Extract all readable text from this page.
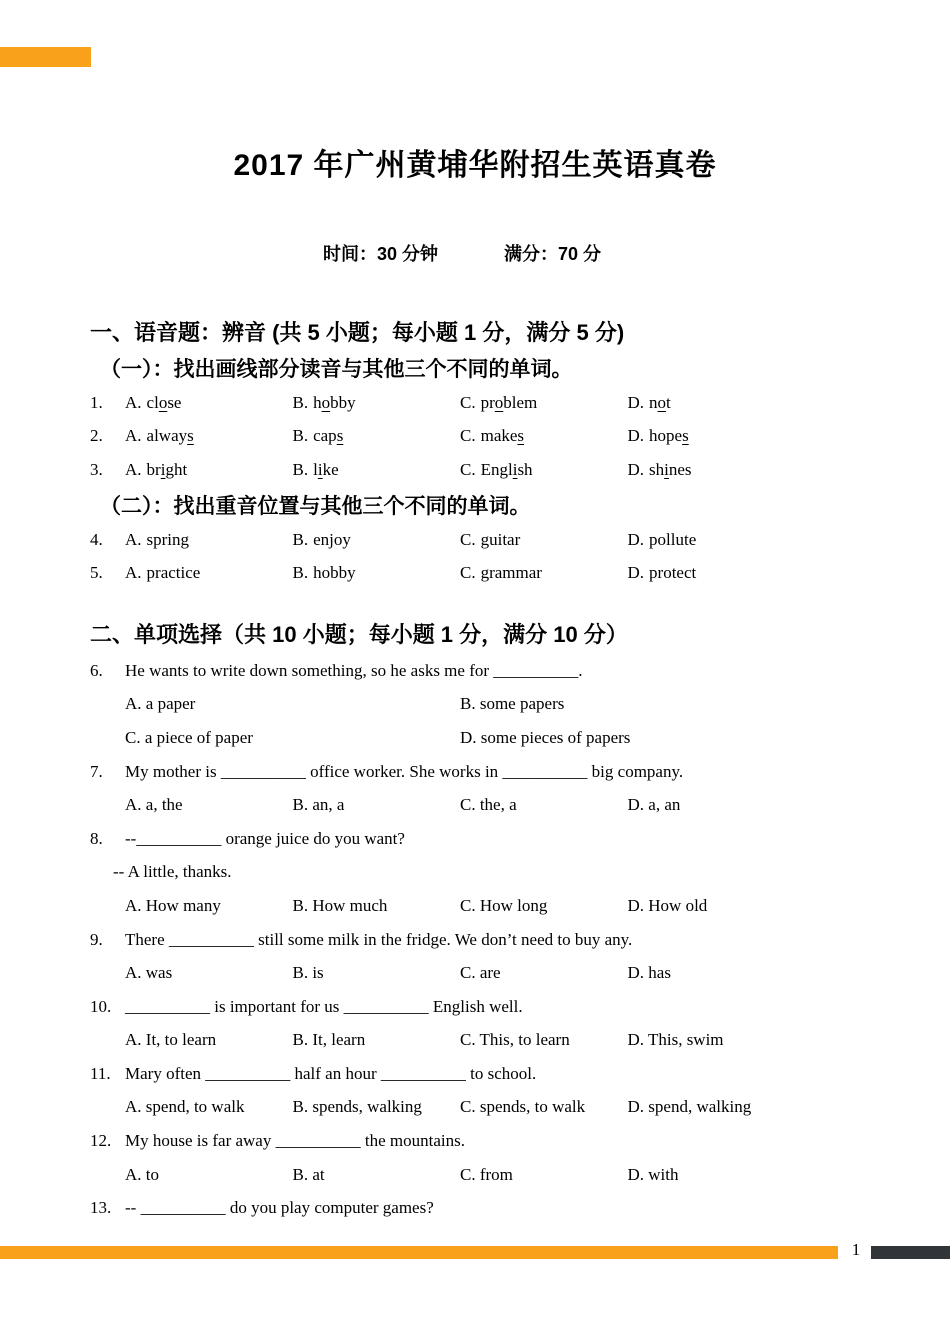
2017 年广州黄埔华附招生英语真卷
时间：30 分钟	满分：70 分
一、语音题：辨音 (共 5 小题；每小题 1 分，满分 5 分)
（一）：找出画线部分读音与其他三个不同的单词。
1.	A. close	B. hobby	C. problem	D. not
2.	A. always	B. caps	C. makes	D. hopes
3.	A. bright	B. like	C. English	D. shines
（二）：找出重音位置与其他三个不同的单词。
4.	A. spring	B. enjoy	C. guitar	D. pollute
5.	A. practice	B. hobby	C. grammar	D. protect
二、单项选择（共 10 小题；每小题 1 分，满分 10 分）
6.	He wants to write down something, so he asks me for __________.
A. a paper	B. some papers
C. a piece of paper	D. some pieces of papers
7.	My mother is __________ office worker. She works in __________ big company.
A. a, the	B. an, a	C. the, a	D. a, an
8.	--__________ orange juice do you want?
-- A little, thanks.
A. How many	B. How much	C. How long	D. How old
9.	There __________ still some milk in the fridge. We don’t need to buy any.
A. was	B. is	C. are	D. has
10. __________ is important for us __________ English well.
A. It, to learn	B. It, learn	C. This, to learn	D. This, swim
11. Mary often __________ half an hour __________ to school.
A. spend, to walk	B. spends, walking	C. spends, to walk	D. spend, walking
12. My house is far away __________ the mountains.
A. to	B. at	C. from	D. with
13. -- __________ do you play computer games?
1
